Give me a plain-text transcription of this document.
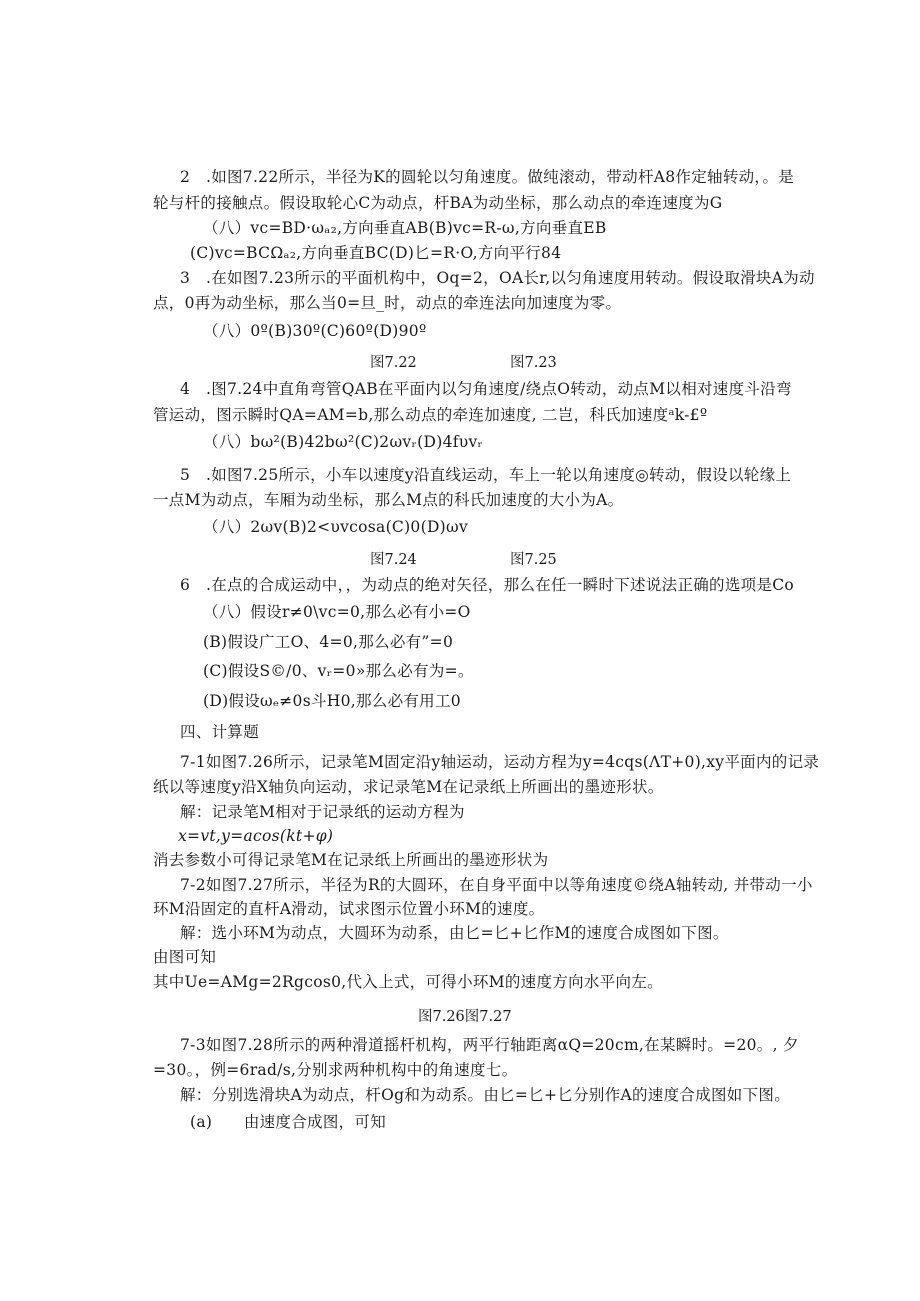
2　.如图7.22所示，半径为K的圆轮以匀角速度。做纯滚动，带动杆A8作定轴转动，。是
轮与杆的接触点。假设取轮心C为动点，杆BA为动坐标，那么动点的牵连速度为G
（八）vс=BD·ωₐ₂,方向垂直AB(B)vс=R-ω,方向垂直EB
(C)vс=BCΩₐ₂,方向垂直BC(D)匕=R·O,方向平行84
3　.在如图7.23所示的平面机构中，Oq=2，OA长r,以匀角速度用转动。假设取滑块A为动
点，0再为动坐标，那么当0=旦_时，动点的牵连法向加速度为零。
（八）0º(B)30º(C)60º(D)90º
图7.22	图7.23
4　.图7.24中直角弯管QAB在平面内以匀角速度/绕点O转动，动点M以相对速度斗沿弯
管运动，图示瞬时QA=AM=b,那么动点的牵连加速度, 二岂，科氏加速度ᵃk-£º
（八）bω²(B)42bω²(C)2ωvᵣ(D)4fυvᵣ
5　.如图7.25所示，小车以速度y沿直线运动，车上一轮以角速度◎转动，假设以轮缘上
一点M为动点，车厢为动坐标，那么M点的科氏加速度的大小为A。
（八）2ωv(B)2<υvcosa(C)0(D)ωv
图7.24	图7.25
6　.在点的合成运动中，，为动点的绝对矢径，那么在任一瞬时下述说法正确的选项是Co
（八）假设r≠0\vс=0,那么必有小=O
(B)假设广工O、4=0,那么必有”=0
(C)假设S©/0、vᵣ=0»那么必有为=。
(D)假设ωₑ≠0s斗H0,那么必有用工0
四、计算题
7-1如图7.26所示，记录笔M固定沿y轴运动，运动方程为y=4cqs(ΛT+0),xy平面内的记录
纸以等速度y沿X轴负向运动，求记录笔M在记录纸上所画出的墨迹形状。
解：记录笔M相对于记录纸的运动方程为
x=vt,y=acos(kt+φ)
消去参数小可得记录笔M在记录纸上所画出的墨迹形状为
7-2如图7.27所示，半径为R的大圆环，在自身平面中以等角速度©绕A轴转动, 并带动一小
环M沿固定的直杆A滑动，试求图示位置小环M的速度。
解：选小环M为动点，大圆环为动系，由匕=匕+匕作M的速度合成图如下图。
由图可知
其中Ue=AMg=2Rgcos0,代入上式，可得小环M的速度方向水平向左。
图7.26图7.27
7-3如图7.28所示的两种滑道摇杆机构，两平行轴距离αQ=20cm,在某瞬时。=20。, 夕
=30。，例=6rad/s,分别求两种机构中的角速度七。
解：分别选滑块A为动点，杆Og和为动系。由匕=匕+匕分别作A的速度合成图如下图。
(a)　　由速度合成图，可知
